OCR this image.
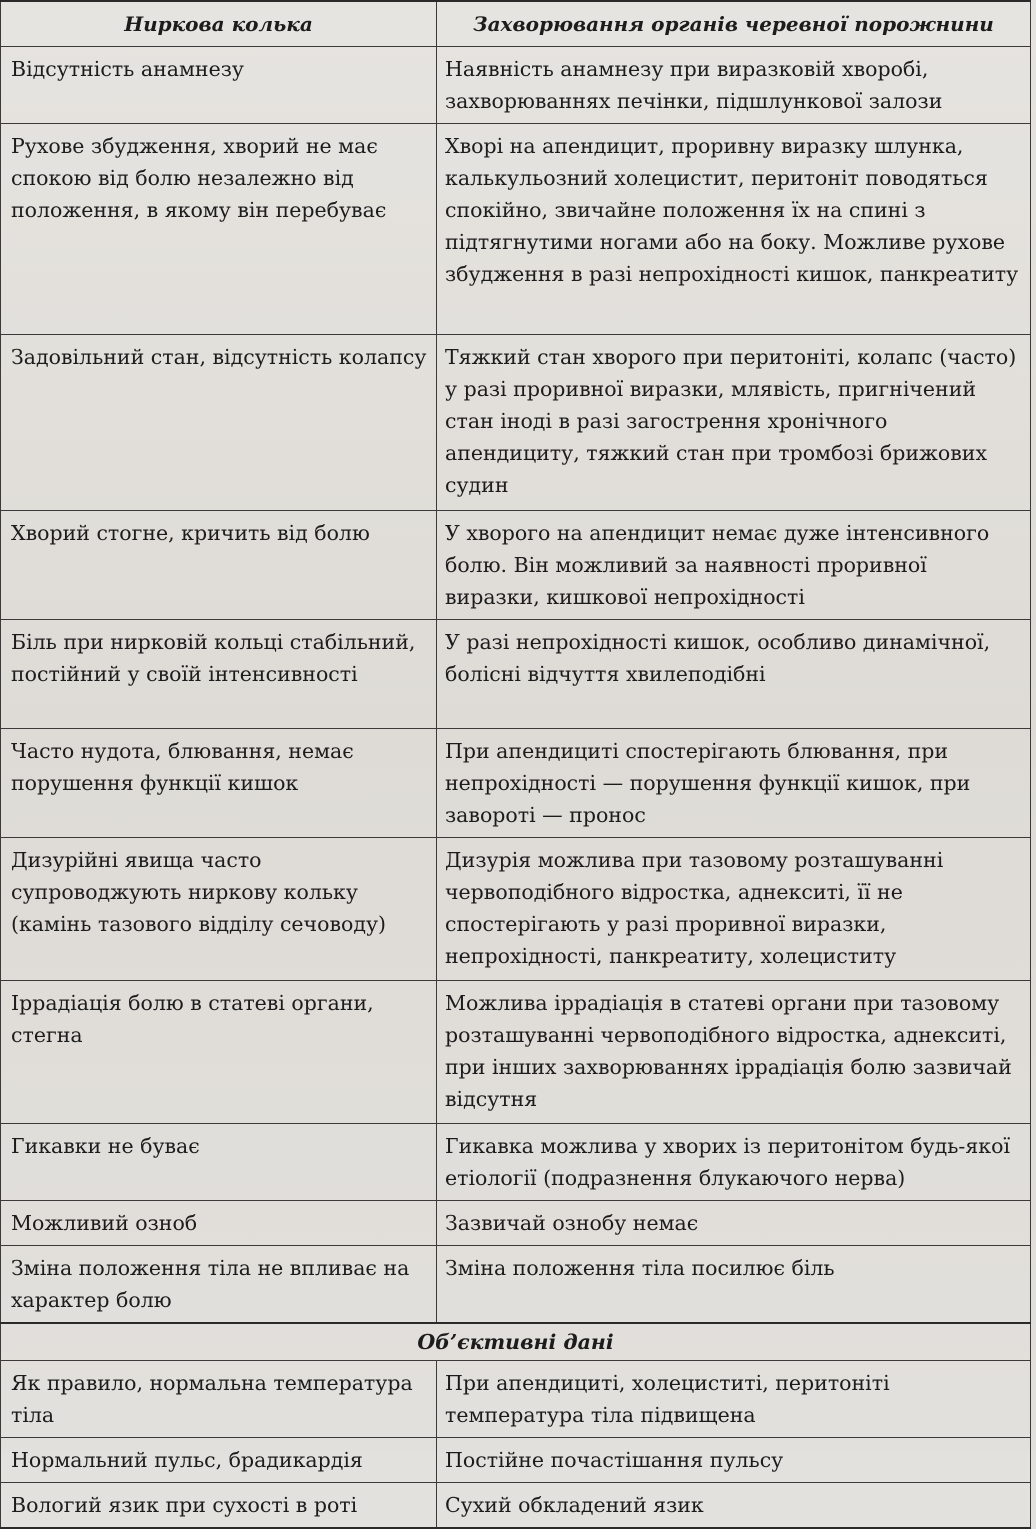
Ниркова колька	Захворювання органів черевної порожнини
Відсутність анамнезу	Наявність анамнезу при виразковій хворобі, захворюваннях печінки, підшлункової залози
Рухове збудження, хворий не має спокою від болю незалежно від положення, в якому він перебуває	Хворі на апендицит, проривну виразку шлунка, калькульозний холецистит, перитоніт поводяться спокійно, звичайне положення їх на спині з підтягнутими ногами або на боку. Можливе рухове збудження в разі непрохідності кишок, панкреатиту
Задовільний стан, відсутність колапсу	Тяжкий стан хворого при перитоніті, колапс (часто) у разі проривної виразки, млявість, пригнічений стан іноді в разі загострення хронічного апендициту, тяжкий стан при тромбозі брижових судин
Хворий стогне, кричить від болю	У хворого на апендицит немає дуже інтенсивного болю. Він можливий за наявності проривної виразки, кишкової непрохідності
Біль при нирковій кольці стабільний, постійний у своїй інтенсивності	У разі непрохідності кишок, особливо динамічної, болісні відчуття хвилеподібні
Часто нудота, блювання, немає порушення функції кишок	При апендициті спостерігають блювання, при непрохідності — порушення функції кишок, при завороті — пронос
Дизурійні явища часто супроводжують ниркову кольку (камінь тазового відділу сечоводу)	Дизурія можлива при тазовому розташуванні червоподібного відростка, аднекситі, її не спостерігають у разі проривної виразки, непрохідності, панкреатиту, холециститу
Іррадіація болю в статеві органи, стегна	Можлива іррадіація в статеві органи при тазовому розташуванні червоподібного відростка, аднекситі, при інших захворюваннях іррадіація болю зазвичай відсутня
Гикавки не буває	Гикавка можлива у хворих із перитонітом будь-якої етіології (подразнення блукаючого нерва)
Можливий озноб	Зазвичай ознобу немає
Зміна положення тіла не впливає на характер болю	Зміна положення тіла посилює біль
Об’єктивні дані	
Як правило, нормальна температура тіла	При апендициті, холециститі, перитоніті температура тіла підвищена
Нормальний пульс, брадикардія	Постійне почастішання пульсу
Вологий язик при сухості в роті	Сухий обкладений язик
